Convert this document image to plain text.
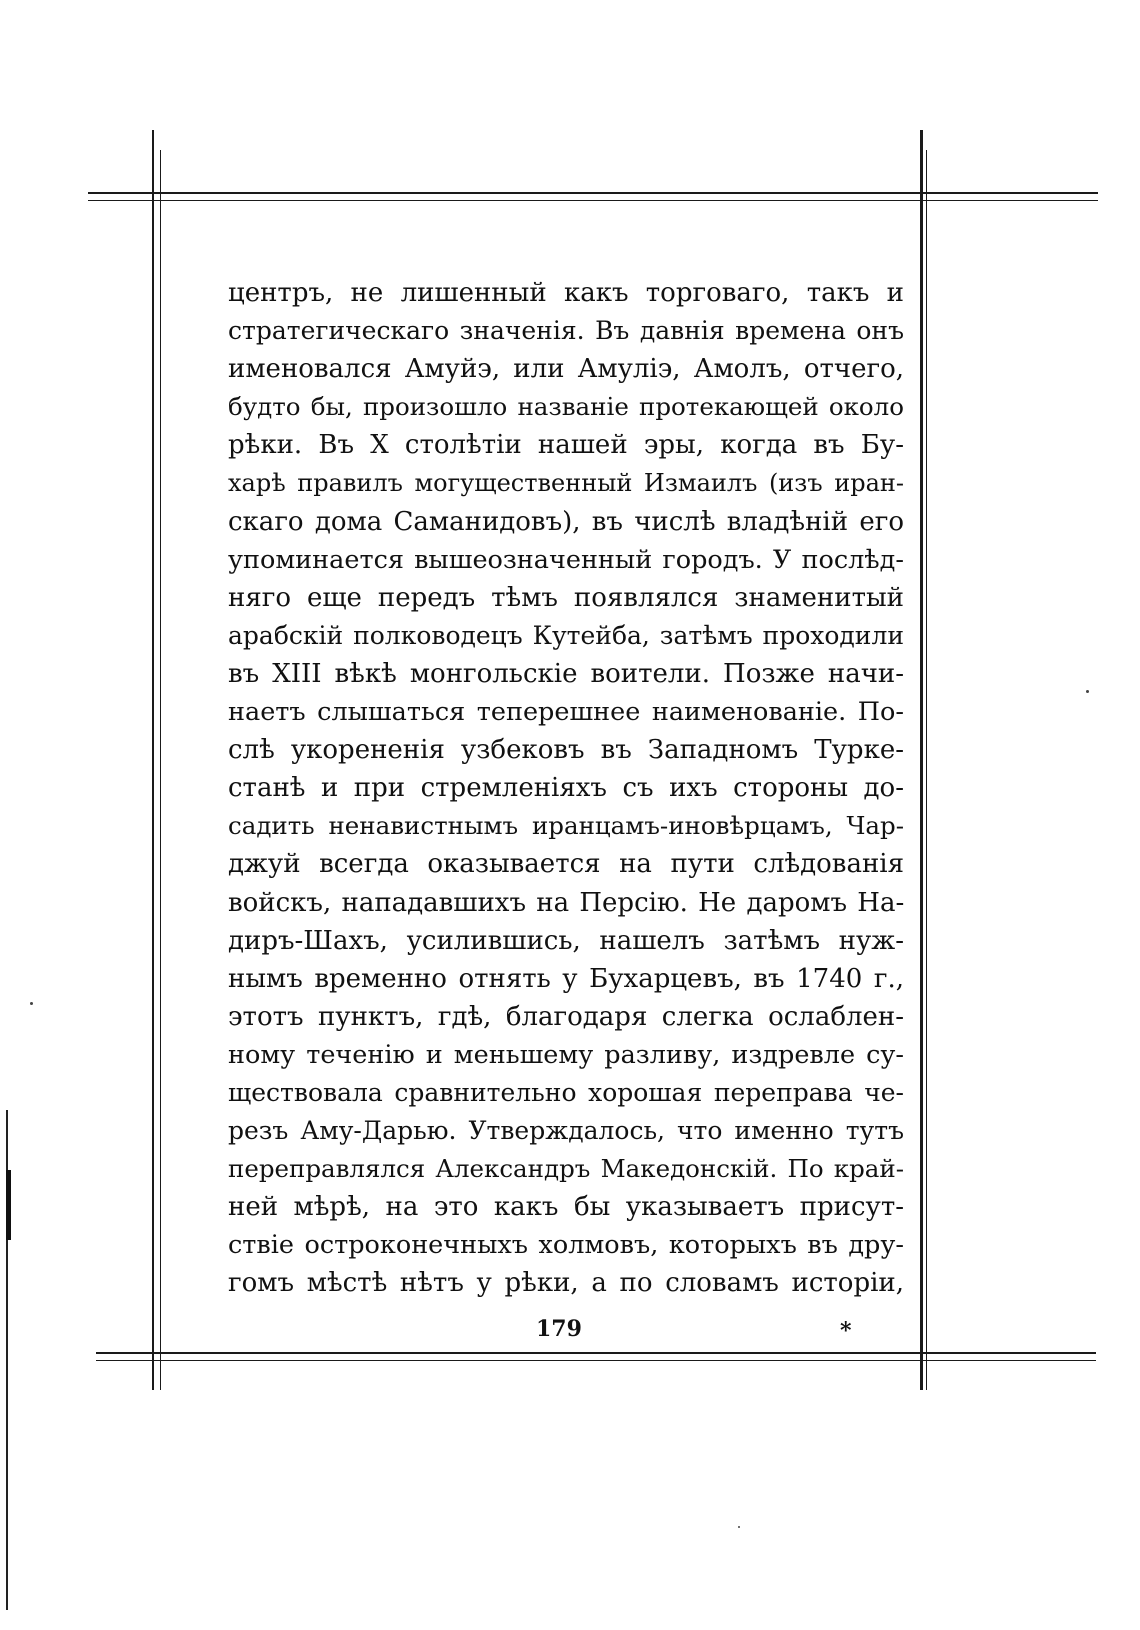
центръ, не лишенный какъ торговаго, такъ и
стратегическаго значенія. Въ давнія времена онъ
именовался Амуйэ, или Амуліэ, Амолъ, отчего,
будто бы, произошло названіе протекающей около
рѣки. Въ X столѣтіи нашей эры, когда въ Бу-
харѣ правилъ могущественный Измаилъ (изъ иран-
скаго дома Саманидовъ), въ числѣ владѣній его
упоминается вышеозначенный городъ. У послѣд-
няго еще передъ тѣмъ появлялся знаменитый
арабскій полководецъ Кутейба, затѣмъ проходили
въ XIII вѣкѣ монгольскіе воители. Позже начи-
наетъ слышаться теперешнее наименованіе. По-
слѣ укорененія узбековъ въ Западномъ Турке-
станѣ и при стремленіяхъ съ ихъ стороны до-
садить ненавистнымъ иранцамъ-иновѣрцамъ, Чар-
джуй всегда оказывается на пути слѣдованія
войскъ, нападавшихъ на Персію. Не даромъ На-
диръ-Шахъ, усилившись, нашелъ затѣмъ нуж-
нымъ временно отнять у Бухарцевъ, въ 1740 г.,
этотъ пунктъ, гдѣ, благодаря слегка ослаблен-
ному теченію и меньшему разливу, издревле су-
ществовала сравнительно хорошая переправа че-
резъ Аму-Дарью. Утверждалось, что именно тутъ
переправлялся Александръ Македонскій. По край-
ней мѣрѣ, на это какъ бы указываетъ присут-
ствіе остроконечныхъ холмовъ, которыхъ въ дру-
гомъ мѣстѣ нѣтъ у рѣки, а по словамъ исторіи,
179	*
